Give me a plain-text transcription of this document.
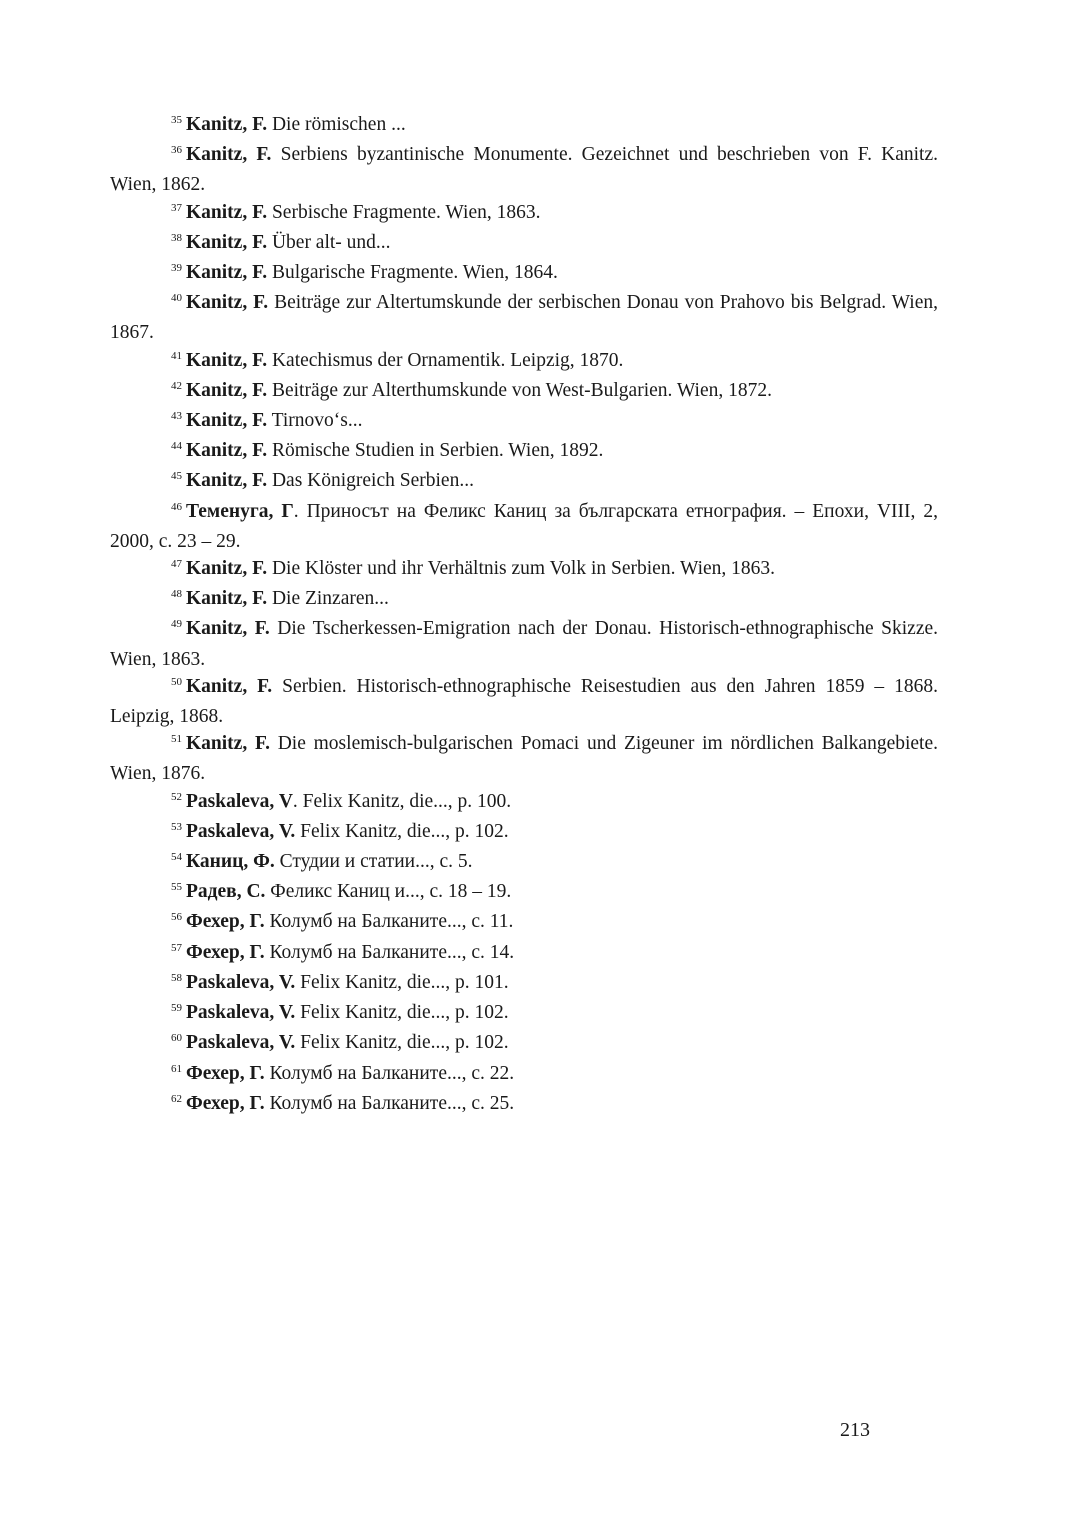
$^{35}$ Kanitz, F. Die römischen ...

$^{36}$ Kanitz, F. Serbiens byzantinische Monumente. Gezeichnet und beschrieben von F. Kanitz. Wien, 1862.

$^{37}$ Kanitz, F. Serbische Fragmente. Wien, 1863.

$^{38}$ Kanitz, F. Über alt- und...

$^{39}$ Kanitz, F. Bulgarische Fragmente. Wien, 1864.

$^{40}$ Kanitz, F. Beiträge zur Altertumskunde der serbischen Donau von Prahovo bis Belgrad. Wien, 1867.

$^{41}$ Kanitz, F. Katechismus der Ornamentik. Leipzig, 1870.

$^{42}$ Kanitz, F. Beiträge zur Alterthumskunde von West-Bulgarien. Wien, 1872.

$^{43}$ Kanitz, F. Tirnovo‘s...

$^{44}$ Kanitz, F. Römische Studien in Serbien. Wien, 1892.

$^{45}$ Kanitz, F. Das Königreich Serbien...

$^{46}$ Теменуга, Г. Приносът на Феликс Каниц за българската етнография. – Епохи, VIII, 2, 2000, с. 23 – 29.

$^{47}$ Kanitz, F. Die Klöster und ihr Verhältnis zum Volk in Serbien. Wien, 1863.

$^{48}$ Kanitz, F. Die Zinzaren...

$^{49}$ Kanitz, F. Die Tscherkessen-Emigration nach der Donau. Historisch-ethnographische Skizze. Wien, 1863.

$^{50}$ Kanitz, F. Serbien. Historisch-ethnographische Reisestudien aus den Jahren 1859 – 1868. Leipzig, 1868.

$^{51}$ Kanitz, F. Die moslemisch-bulgarischen Pomaci und Zigeuner im nördlichen Balkangebiete. Wien, 1876.

$^{52}$ Paskaleva, V. Felix Kanitz, die..., p. 100.

$^{53}$ Paskaleva, V. Felix Kanitz, die..., p. 102.

$^{54}$ Каниц, Ф. Студии и статии..., с. 5.

$^{55}$ Радев, С. Феликс Каниц и..., с. 18 – 19.

$^{56}$ Фехер, Г. Колумб на Балканите..., с. 11.

$^{57}$ Фехер, Г. Колумб на Балканите..., с. 14.

$^{58}$ Paskaleva, V. Felix Kanitz, die..., p. 101.

$^{59}$ Paskaleva, V. Felix Kanitz, die..., p. 102.

$^{60}$ Paskaleva, V. Felix Kanitz, die..., p. 102.

$^{61}$ Фехер, Г. Колумб на Балканите..., с. 22.

$^{62}$ Фехер, Г. Колумб на Балканите..., с. 25.

213
